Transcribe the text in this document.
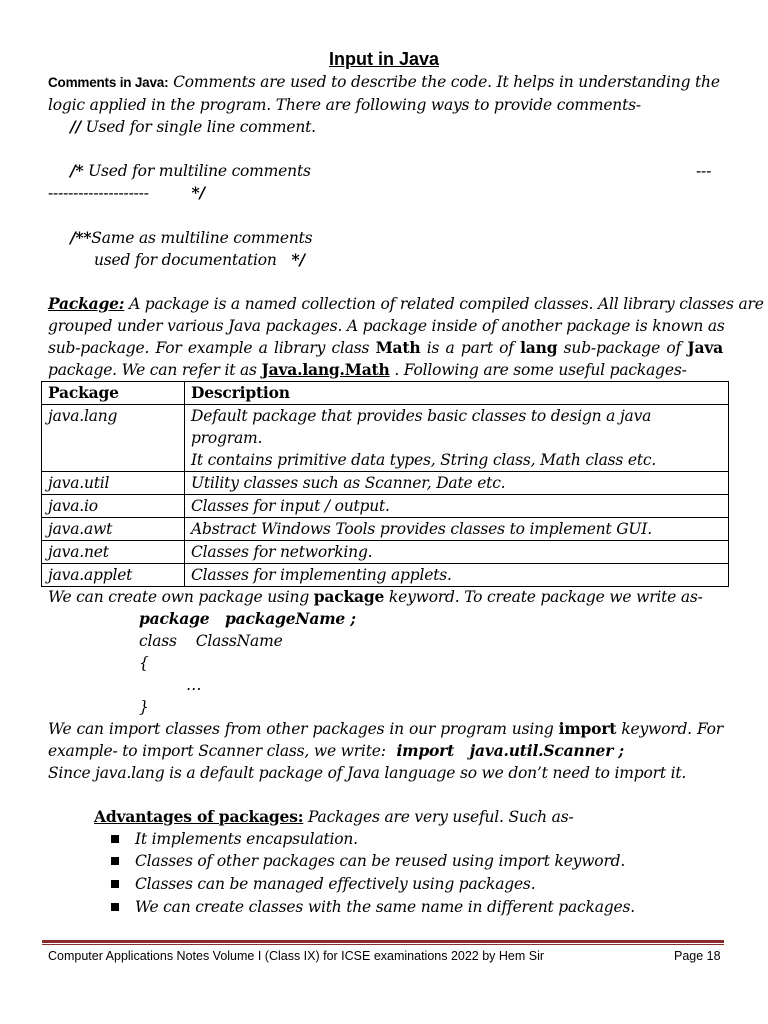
Input in Java
Comments in Java: Comments are used to describe the code. It helps in understanding the
logic applied in the program. There are following ways to provide comments-
// Used for single line comment.
/* Used for multiline comments	---
--------------------	*/
/**Same as multiline comments
used for documentation */
Package: A package is a named collection of related compiled classes. All library classes are
grouped under various Java packages. A package inside of another package is known as
sub-package. For example a library class Math is a part of lang sub-package of Java
package. We can refer it as Java.lang.Math . Following are some useful packages-
Package	Description
java.lang	Default package that provides basic classes to design a java program.
It contains primitive data types, String class, Math class etc.

java.util	Utility classes such as Scanner, Date etc.
java.io	Classes for input / output.
java.awt	Abstract Windows Tools provides classes to implement GUI.
java.net	Classes for networking.
java.applet	Classes for implementing applets.
We can create own package using package keyword. To create package we write as-
package   packageName ;
class    ClassName
{
…
}
We can import classes from other packages in our program using import keyword. For
example- to import Scanner class, we write: import   java.util.Scanner ;
Since java.lang is a default package of Java language so we don’t need to import it.
Advantages of packages: Packages are very useful. Such as-
It implements encapsulation.
Classes of other packages can be reused using import keyword.
Classes can be managed effectively using packages.
We can create classes with the same name in different packages.
Computer Applications Notes Volume I (Class IX) for ICSE examinations 2022 by Hem Sir	Page 18
